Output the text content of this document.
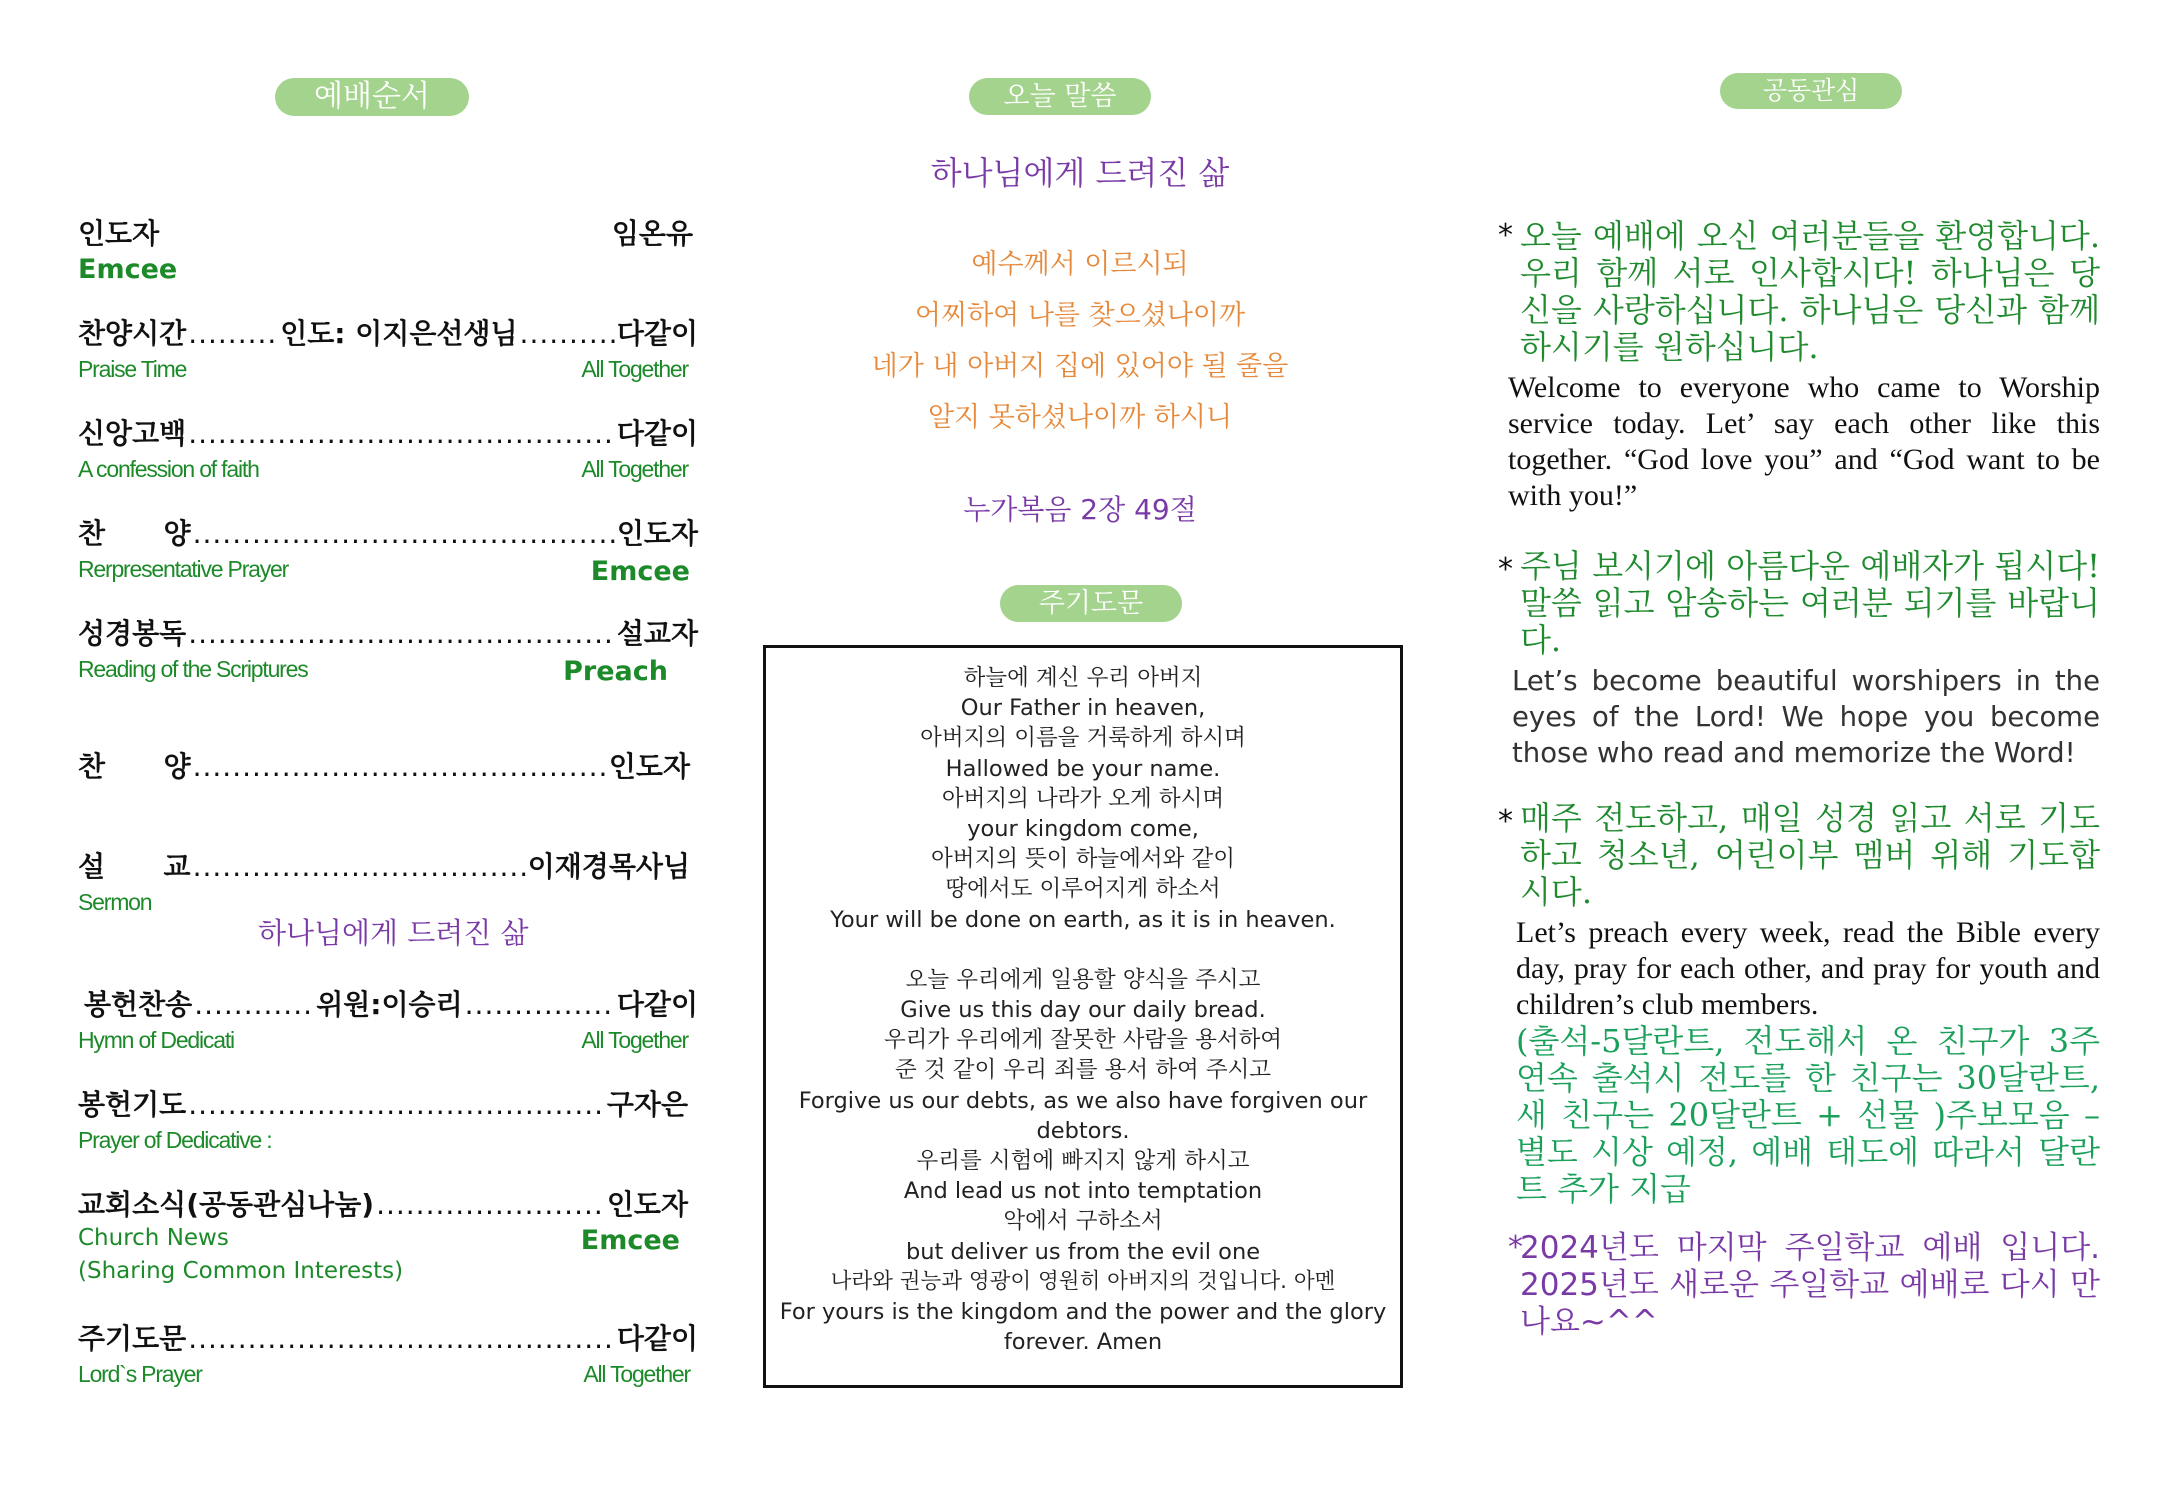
예배순서
인도자	임온유
Emcee
찬양시간 .....	인도: 이지은선생님 .....	다같이
Praise Time	All Together
신앙고백 .....	다같이
A confession of faith	All Together
찬      양 .....	인도자
Rerpresentative Prayer	Emcee
성경봉독 .....	설교자
Reading of the Scriptures	Preach
찬      양 .....	인도자
설      교 .....	이재경목사님
Sermon
하나님에게 드려진 삶
봉헌찬송 .....	위원:이승리 .....	다같이
Hymn of Dedicati	All Together
봉헌기도 .....	구자은
Prayer of Dedicative :
교회소식(공동관심나눔) .....	인도자
Church News	Emcee
(Sharing Common Interests)
주기도문 .....	다같이
Lord`s Prayer	All Together
오늘 말씀
하나님에게 드려진 삶
예수께서 이르시되
어찌하여 나를 찾으셨나이까
네가 내 아버지 집에 있어야 될 줄을
알지 못하셨나이까 하시니
누가복음 2장 49절
주기도문
하늘에 계신 우리 아버지
Our Father in heaven,
아버지의 이름을 거룩하게 하시며
Hallowed be your name.
아버지의 나라가 오게 하시며
your kingdom come,
아버지의 뜻이 하늘에서와 같이
땅에서도 이루어지게 하소서
Your will be done on earth, as it is in heaven.
오늘 우리에게 일용할 양식을 주시고
Give us this day our daily bread.
우리가 우리에게 잘못한 사람을 용서하여
준 것 같이 우리 죄를 용서 하여 주시고
Forgive us our debts, as we also have forgiven our
debtors.
우리를 시험에 빠지지 않게 하시고
And lead us not into temptation
악에서 구하소서
but deliver us from the evil one
나라와 권능과 영광이 영원히 아버지의 것입니다. 아멘
For yours is the kingdom and the power and the glory
forever. Amen
공동관심
* 오늘 예배에 오신 여러분들을 환영합니다. 우리 함께 서로 인사합시다! 하나님은 당신을 사랑하십니다. 하나님은 당신과 함께 하시기를 원하십니다.
Welcome to everyone who came to Worship service today. Let’ say each other like this together. “God love you” and “God want to be with you!”
* 주님 보시기에 아름다운 예배자가 됩시다! 말씀 읽고 암송하는 여러분 되기를 바랍니다.
Let’s become beautiful worshipers in the eyes of the Lord! We hope you become those who read and memorize the Word!
* 매주 전도하고, 매일 성경 읽고 서로 기도하고 청소년, 어린이부 멤버 위해 기도합시다.
Let’s preach every week, read the Bible every day, pray for each other, and pray for youth and children’s club members.
(출석-5달란트, 전도해서 온 친구가 3주 연속 출석시 전도를 한 친구는 30달란트, 새 친구는 20달란트 + 선물 )주보모음 – 별도 시상 예정, 예배 태도에 따라서 달란트 추가 지급
*
2024년도 마지막 주일학교 예배 입니다. 2025년도 새로운 주일학교 예배로 다시 만나요~^^
